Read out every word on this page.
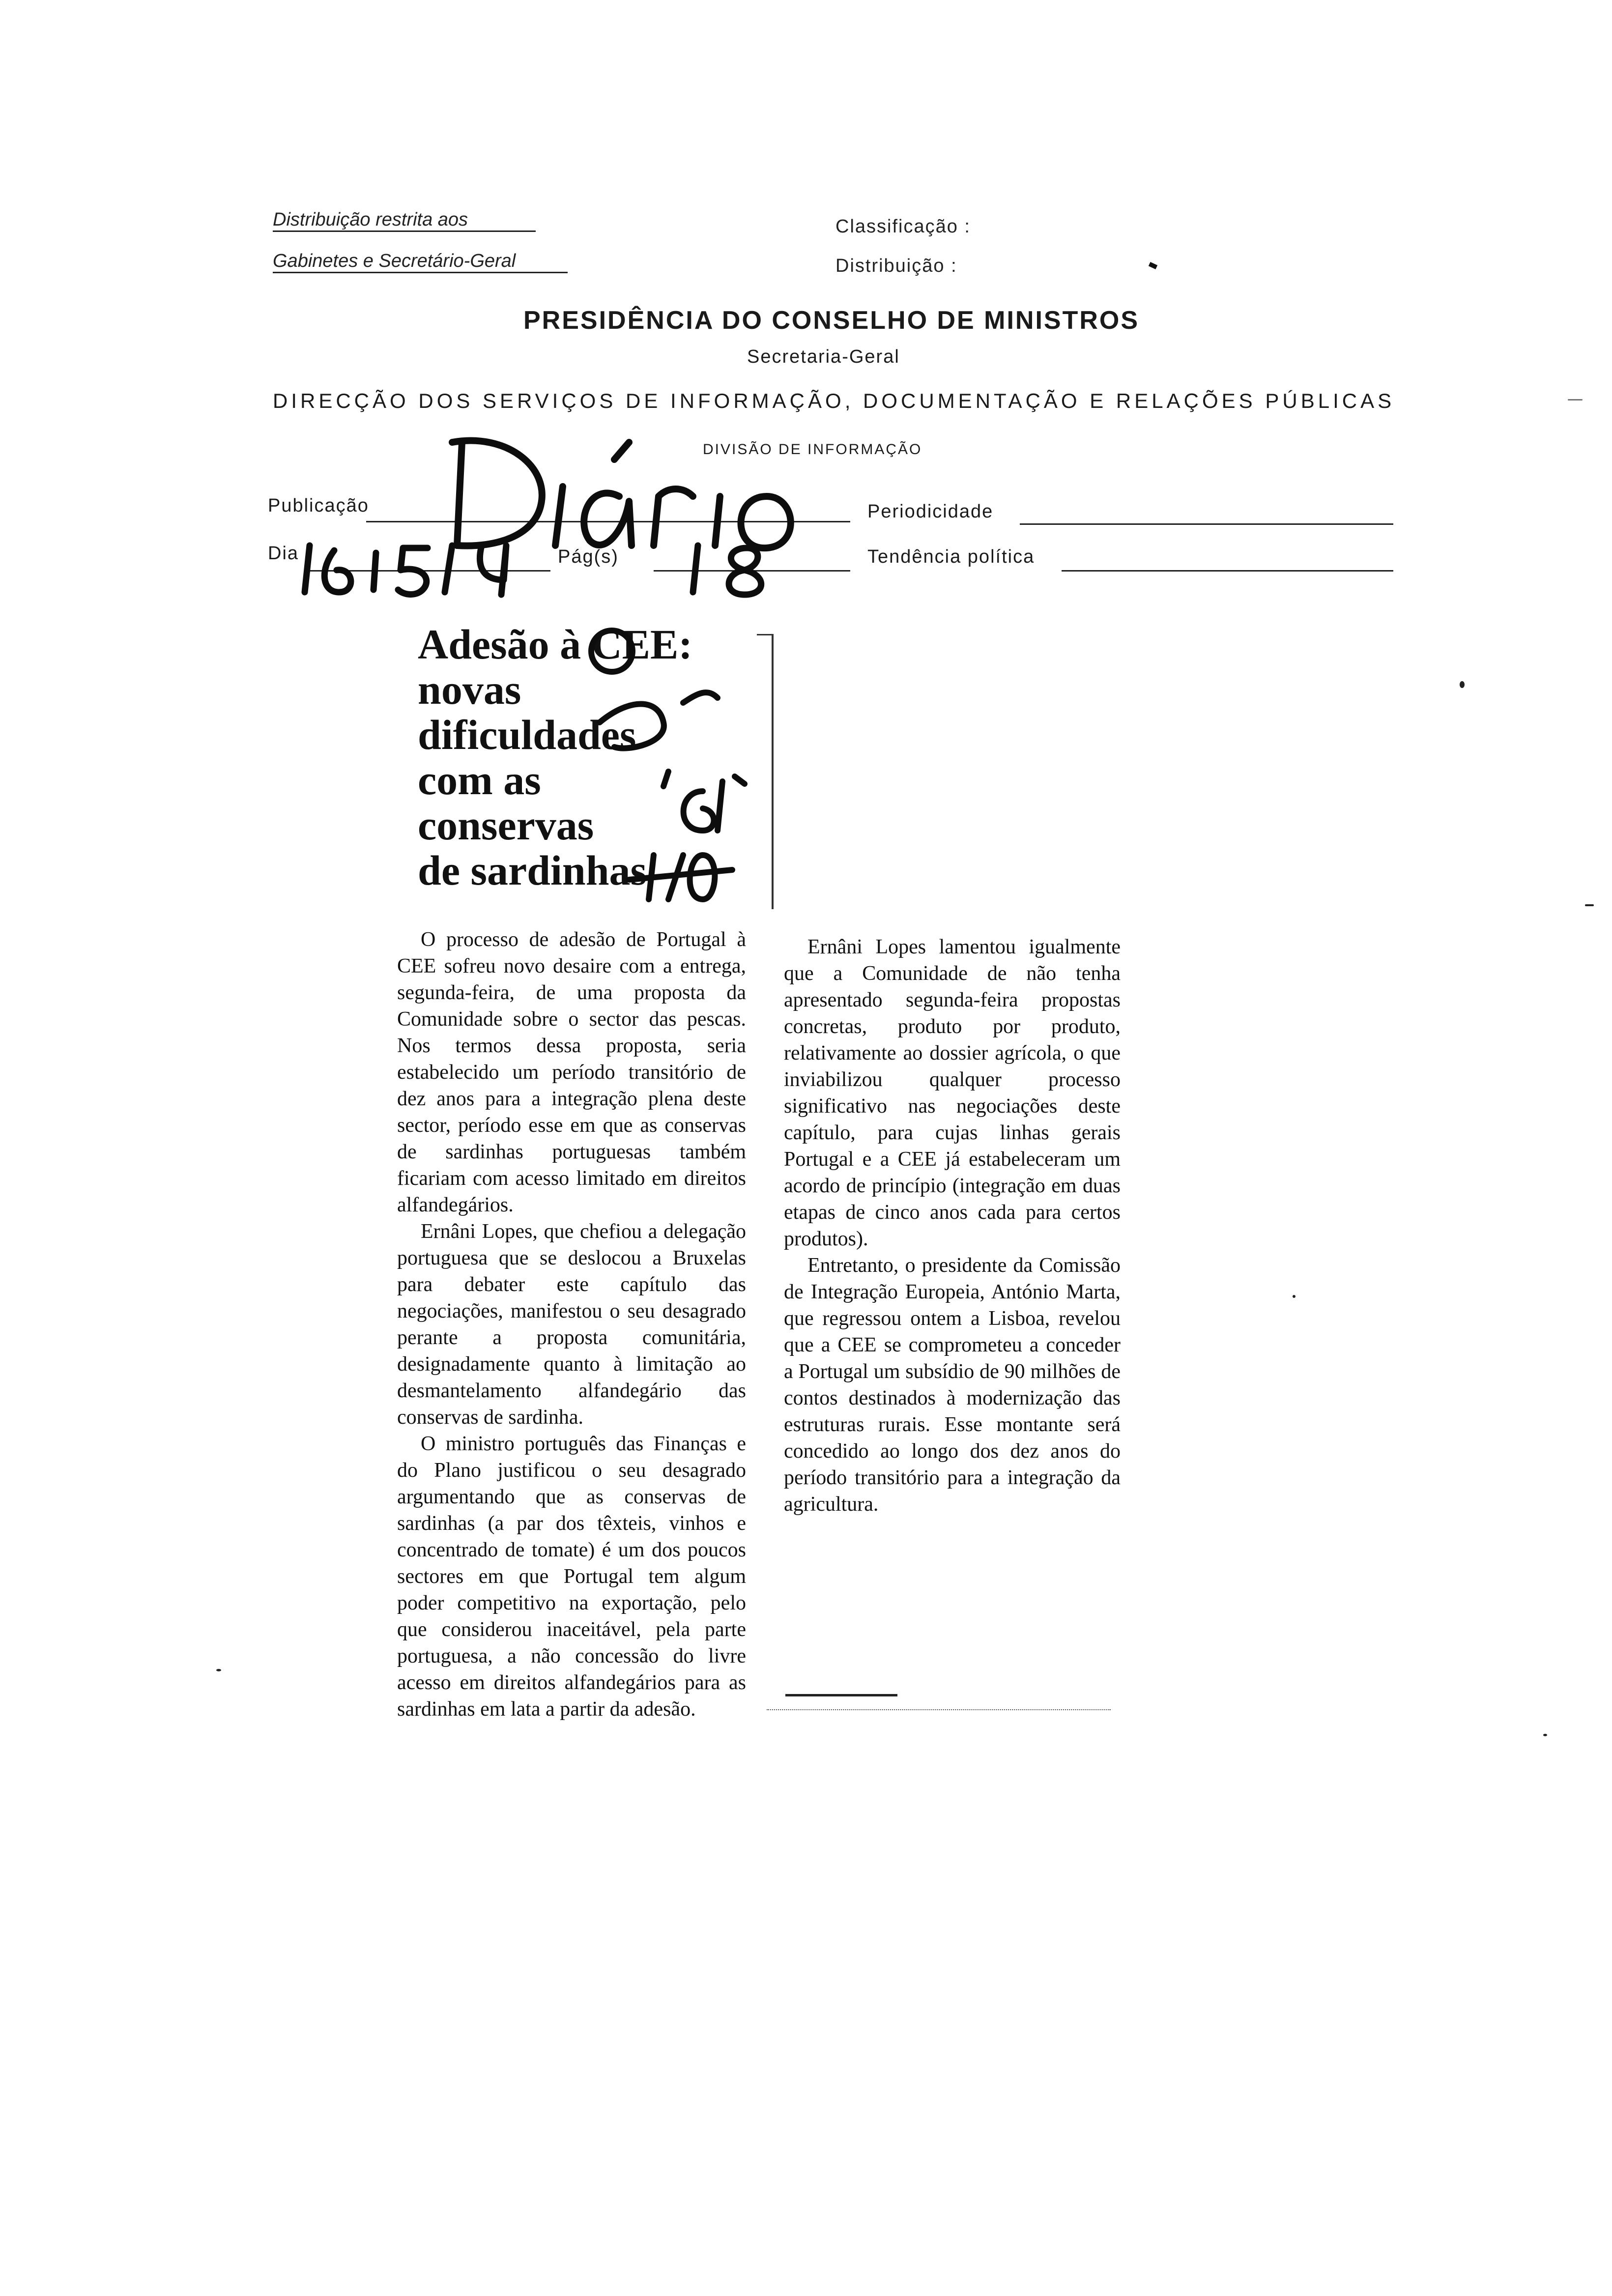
Distribuição restrita aos
Gabinetes e Secretário-Geral
Classificação :
Distribuição :
PRESIDÊNCIA DO CONSELHO DE MINISTROS
Secretaria-Geral
DIRECÇÃO DOS SERVIÇOS DE INFORMAÇÃO, DOCUMENTAÇÃO E RELAÇÕES PÚBLICAS
DIVISÃO DE INFORMAÇÃO
Publicação
Dia	Pág(s)
Periodicidade
Tendência política
Adesão à CEE:
novas
dificuldades
com as
conservas
de sardinhas

O processo de adesão de Portugal à CEE sofreu novo desaire com a entrega, segunda-feira, de uma proposta da Comunidade sobre o sector das pescas. Nos termos dessa proposta, seria estabelecido um período transitório de dez anos para a integração plena deste sector, período esse em que as conservas de sardinhas portuguesas também ficariam com acesso limitado em direitos alfandegários.

Ernâni Lopes, que chefiou a delegação portuguesa que se deslocou a Bruxelas para debater este capítulo das negociações, manifestou o seu desagrado perante a proposta comunitária, designadamente quanto à limitação ao desmantelamento alfandegário das conservas de sardinha.

O ministro português das Finanças e do Plano justificou o seu desagrado argumentando que as conservas de sardinhas (a par dos têxteis, vinhos e concentrado de tomate) é um dos poucos sectores em que Portugal tem algum poder competitivo na exportação, pelo que considerou inaceitável, pela parte portuguesa, a não concessão do livre acesso em direitos alfandegários para as sardinhas em lata a partir da adesão.

Ernâni Lopes lamentou igualmente que a Comunidade de não tenha apresentado segunda-feira propostas concretas, produto por produto, relativamente ao dossier agrícola, o que inviabilizou qualquer processo significativo nas negociações deste capítulo, para cujas linhas gerais Portugal e a CEE já estabeleceram um acordo de princípio (integração em duas etapas de cinco anos cada para certos produtos).

Entretanto, o presidente da Comissão de Integração Europeia, António Marta, que regressou ontem a Lisboa, revelou que a CEE se comprometeu a conceder a Portugal um subsídio de 90 milhões de contos destinados à modernização das estruturas rurais. Esse montante será concedido ao longo dos dez anos do período transitório para a integração da agricultura.
